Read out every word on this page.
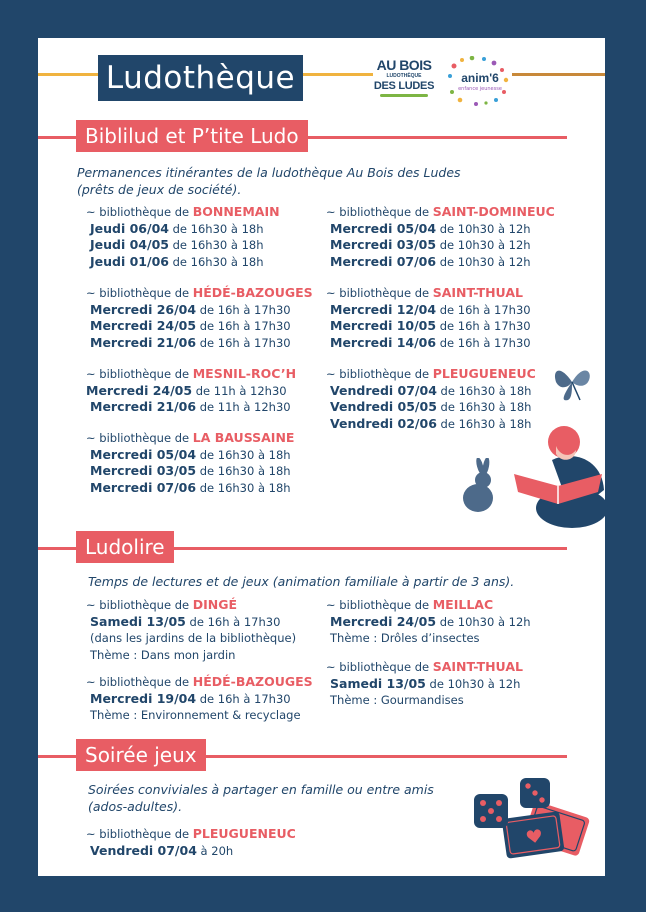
Ludothèque	AU BOIS
LUDOTHÈQUE
DES LUDES
anim'6
enfance jeunesse
Biblilud et P’tite Ludo
Permanences itinérantes de la ludothèque Au Bois des Ludes
(prêts de jeux de société).
~ bibliothèque de BONNEMAIN
Jeudi 06/04 de 16h30 à 18h
Jeudi 04/05 de 16h30 à 18h
Jeudi 01/06 de 16h30 à 18h
~ bibliothèque de SAINT-DOMINEUC
Mercredi 05/04 de 10h30 à 12h
Mercredi 03/05 de 10h30 à 12h
Mercredi 07/06 de 10h30 à 12h
~ bibliothèque de HÉDÉ-BAZOUGES
Mercredi 26/04 de 16h à 17h30
Mercredi 24/05 de 16h à 17h30
Mercredi 21/06 de 16h à 17h30
~ bibliothèque de SAINT-THUAL
Mercredi 12/04 de 16h à 17h30
Mercredi 10/05 de 16h à 17h30
Mercredi 14/06 de 16h à 17h30
~ bibliothèque de MESNIL-ROC’H
Mercredi 24/05 de 11h à 12h30
Mercredi 21/06 de 11h à 12h30
~ bibliothèque de PLEUGUENEUC
Vendredi 07/04 de 16h30 à 18h
Vendredi 05/05 de 16h30 à 18h
Vendredi 02/06 de 16h30 à 18h
~ bibliothèque de LA BAUSSAINE
Mercredi 05/04 de 16h30 à 18h
Mercredi 03/05 de 16h30 à 18h
Mercredi 07/06 de 16h30 à 18h
Ludolire
Temps de lectures et de jeux (animation familiale à partir de 3 ans).
~ bibliothèque de DINGÉ
Samedi 13/05 de 16h à 17h30
(dans les jardins de la bibliothèque)
Thème : Dans mon jardin
~ bibliothèque de MEILLAC
Mercredi 24/05 de 10h30 à 12h
Thème : Drôles d’insectes
~ bibliothèque de SAINT-THUAL
Samedi 13/05 de 10h30 à 12h
Thème : Gourmandises
~ bibliothèque de HÉDÉ-BAZOUGES
Mercredi 19/04 de 16h à 17h30
Thème : Environnement & recyclage
Soirée jeux
Soirées conviviales à partager en famille ou entre amis
(ados-adultes).
~ bibliothèque de PLEUGUENEUC
Vendredi 07/04 à 20h
